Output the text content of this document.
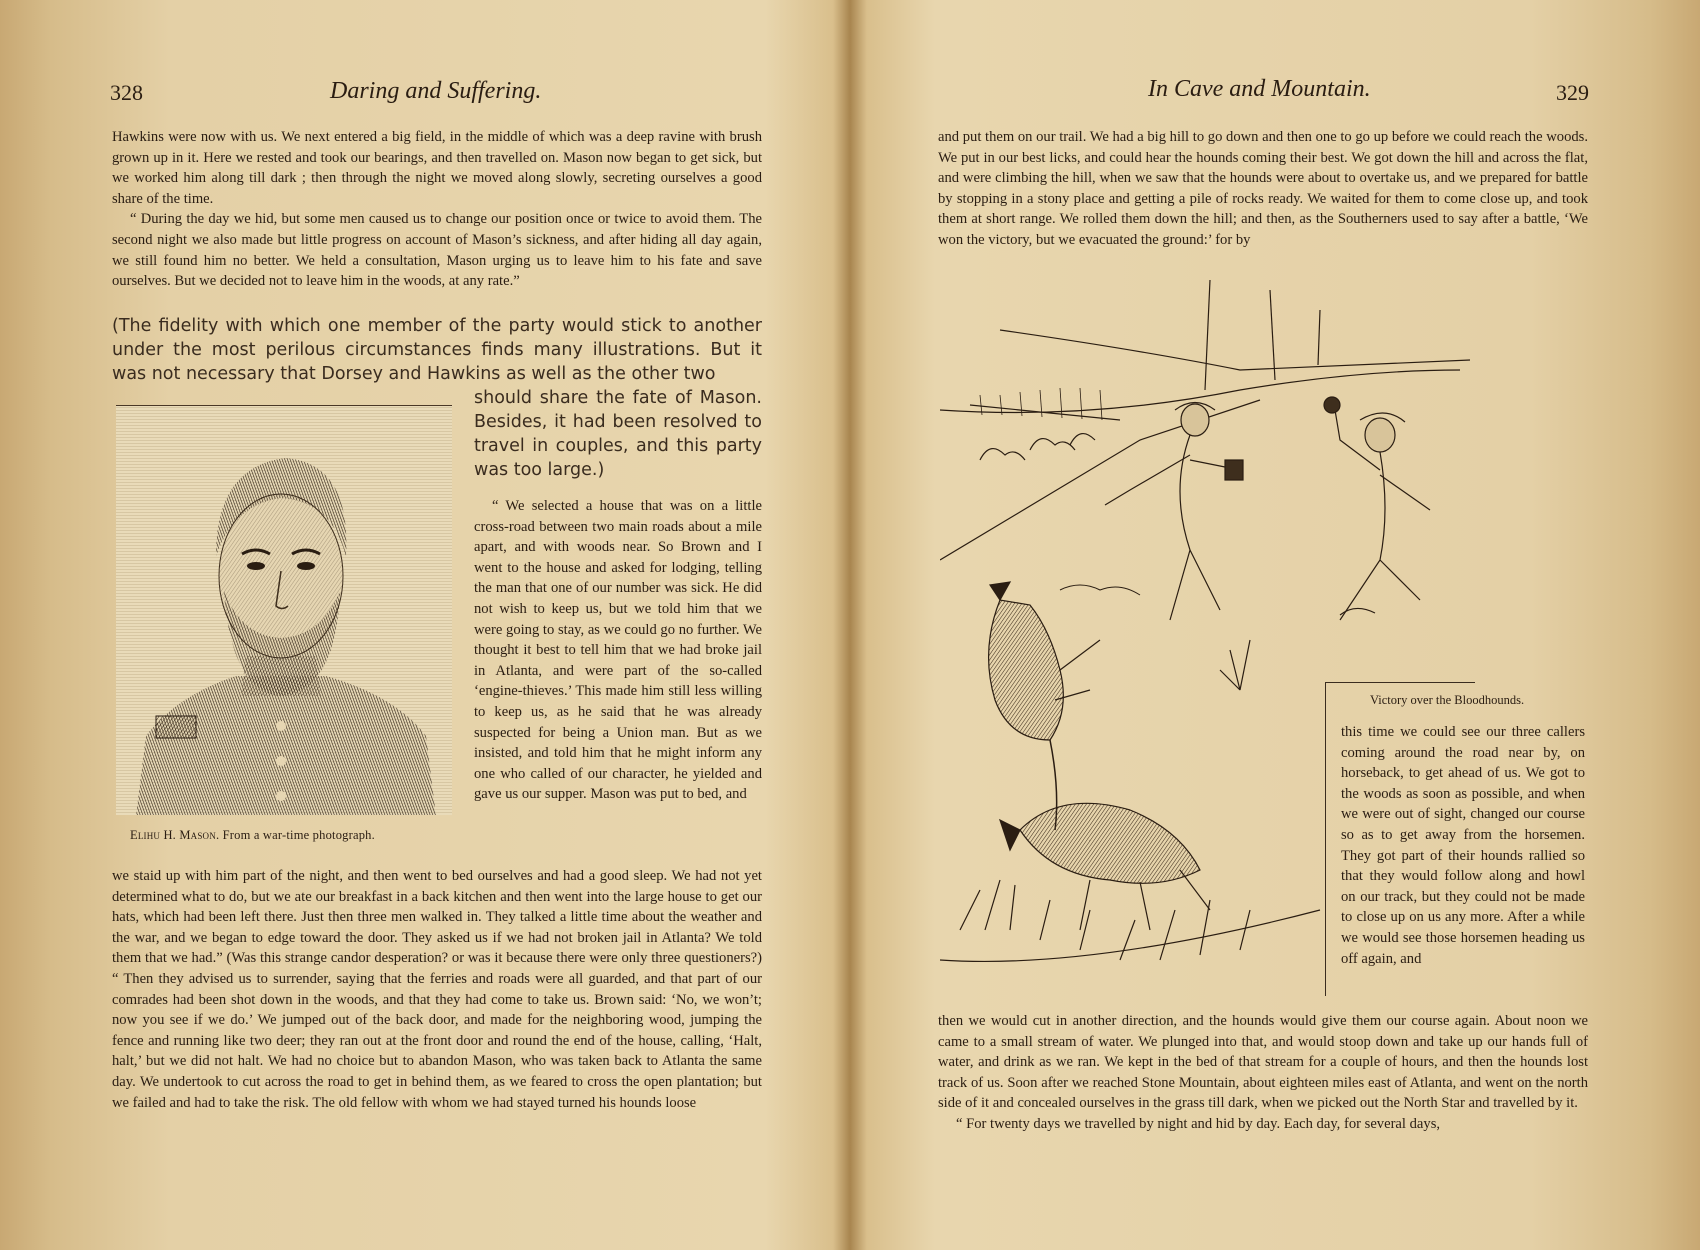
328	Daring and Suffering.

Hawkins were now with us. We next entered a big field, in the middle of which was a deep ravine with brush grown up in it. Here we rested and took our bearings, and then travelled on. Mason now began to get sick, but we worked him along till dark ; then through the night we moved along slowly, secreting ourselves a good share of the time.

“ During the day we hid, but some men caused us to change our position once or twice to avoid them. The second night we also made but little progress on account of Mason’s sickness, and after hiding all day again, we still found him no better. We held a consultation, Mason urging us to leave him to his fate and save ourselves. But we decided not to leave him in the woods, at any rate.”

(The fidelity with which one member of the party would stick to another under the most perilous circumstances finds many illustrations. But it was not necessary that Dorsey and Hawkins as well as the other two
should share the fate of Mason. Besides, it had been resolved to travel in couples, and this party was too large.)
Elihu H. Mason. From a war-time photograph.

“ We selected a house that was on a little cross-road between two main roads about a mile apart, and with woods near. So Brown and I went to the house and asked for lodging, telling the man that one of our number was sick. He did not wish to keep us, but we told him that we were going to stay, as we could go no further. We thought it best to tell him that we had broke jail in Atlanta, and were part of the so-called ‘engine-thieves.’ This made him still less willing to keep us, as he said that he was already suspected for being a Union man. But as we insisted, and told him that he might inform any one who called of our character, he yielded and gave us our supper. Mason was put to bed, and

we staid up with him part of the night, and then went to bed ourselves and had a good sleep. We had not yet determined what to do, but we ate our breakfast in a back kitchen and then went into the large house to get our hats, which had been left there. Just then three men walked in. They talked a little time about the weather and the war, and we began to edge toward the door. They asked us if we had not broken jail in Atlanta? We told them that we had.” (Was this strange candor desperation? or was it because there were only three questioners?) “ Then they advised us to surrender, saying that the ferries and roads were all guarded, and that part of our comrades had been shot down in the woods, and that they had come to take us. Brown said: ‘No, we won’t; now you see if we do.’ We jumped out of the back door, and made for the neighboring wood, jumping the fence and running like two deer; they ran out at the front door and round the end of the house, calling, ‘Halt, halt,’ but we did not halt. We had no choice but to abandon Mason, who was taken back to Atlanta the same day. We undertook to cut across the road to get in behind them, as we feared to cross the open plantation; but we failed and had to take the risk. The old fellow with whom we had stayed turned his hounds loose

In Cave and Mountain.	329

and put them on our trail. We had a big hill to go down and then one to go up before we could reach the woods. We put in our best licks, and could hear the hounds coming their best. We got down the hill and across the flat, and were climbing the hill, when we saw that the hounds were about to overtake us, and we prepared for battle by stopping in a stony place and getting a pile of rocks ready. We waited for them to come close up, and took them at short range. We rolled them down the hill; and then, as the Southerners used to say after a battle, ‘We won the victory, but we evacuated the ground:’ for by

Victory over the Bloodhounds.

this time we could see our three callers coming around the road near by, on horseback, to get ahead of us. We got to the woods as soon as possible, and when we were out of sight, changed our course so as to get away from the horsemen. They got part of their hounds rallied so that they would follow along and howl on our track, but they could not be made to close up on us any more. After a while we would see those horsemen heading us off again, and

then we would cut in another direction, and the hounds would give them our course again. About noon we came to a small stream of water. We plunged into that, and would stoop down and take up our hands full of water, and drink as we ran. We kept in the bed of that stream for a couple of hours, and then the hounds lost track of us. Soon after we reached Stone Mountain, about eighteen miles east of Atlanta, and went on the north side of it and concealed ourselves in the grass till dark, when we picked out the North Star and travelled by it.

“ For twenty days we travelled by night and hid by day. Each day, for several days,
